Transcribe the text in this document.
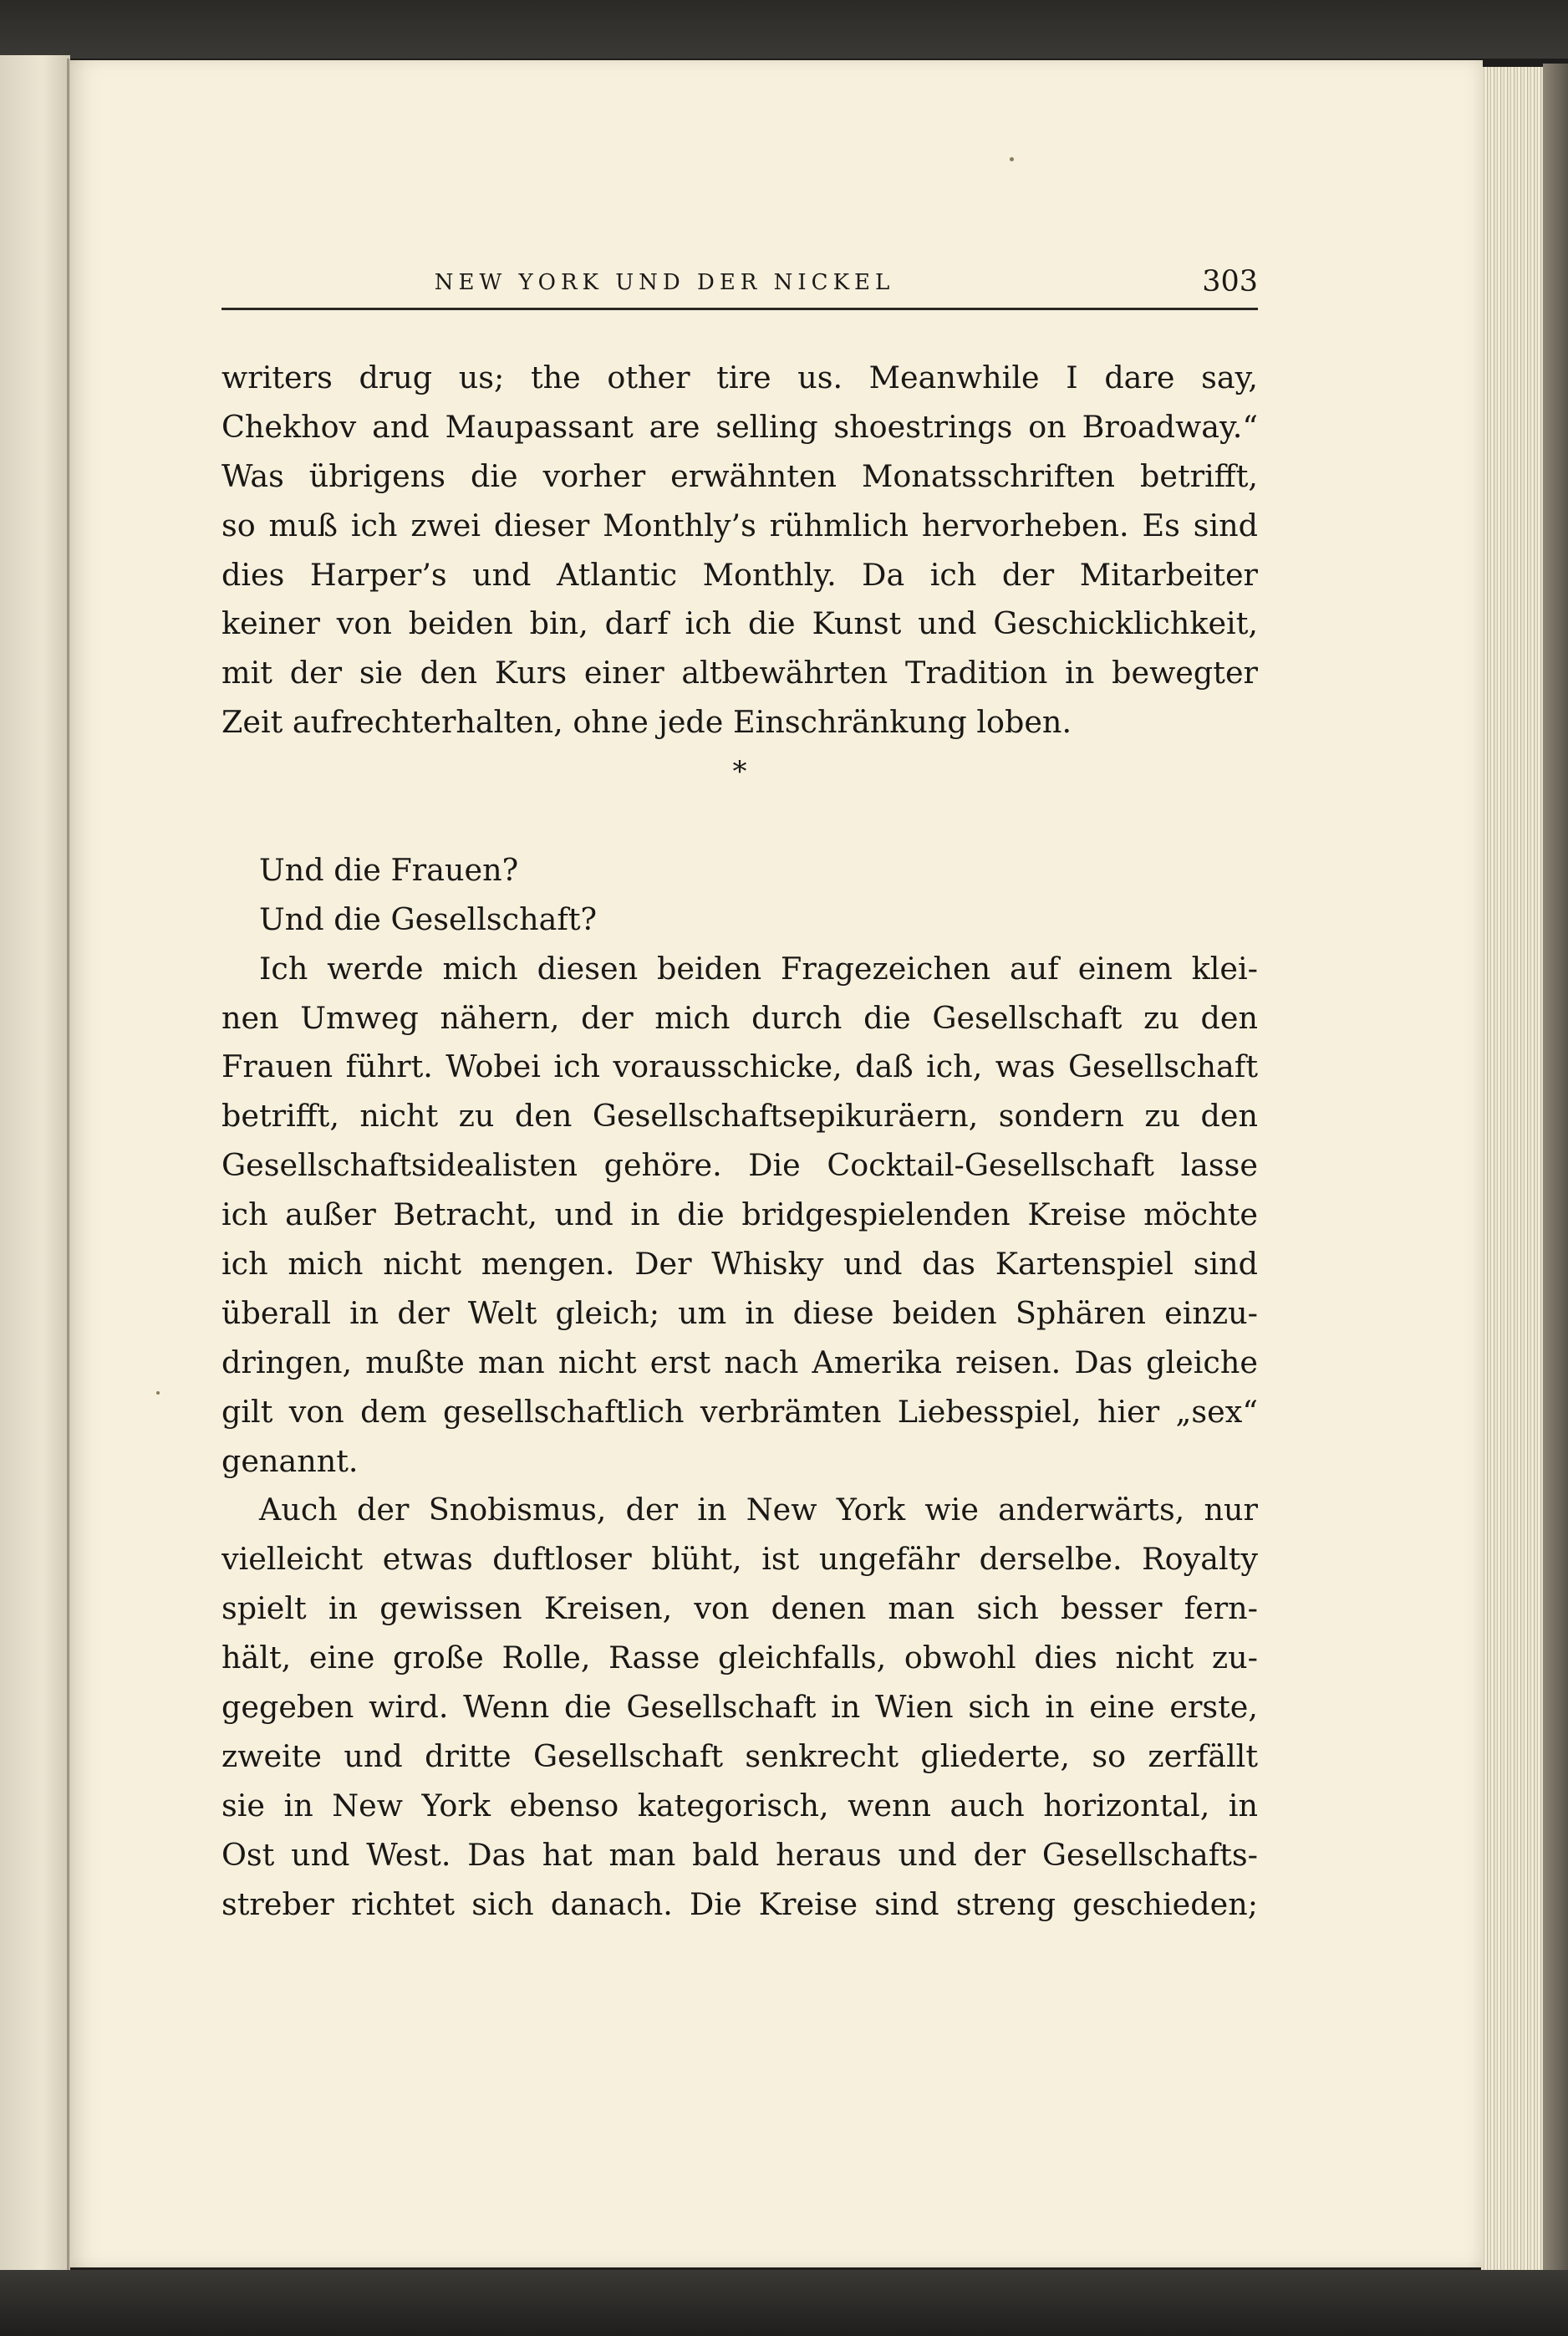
NEW YORK UND DER NICKEL	303
writers drug us; the other tire us. Meanwhile I dare say,
Chekhov and Maupassant are selling shoestrings on Broadway.“
Was übrigens die vorher erwähnten Monatsschriften betrifft,
so muß ich zwei dieser Monthly’s rühmlich hervorheben. Es sind
dies Harper’s und Atlantic Monthly. Da ich der Mitarbeiter
keiner von beiden bin, darf ich die Kunst und Geschicklichkeit,
mit der sie den Kurs einer altbewährten Tradition in bewegter
Zeit aufrechterhalten, ohne jede Einschränkung loben.
*
Und die Frauen?
Und die Gesellschaft?
Ich werde mich diesen beiden Fragezeichen auf einem klei-
nen Umweg nähern, der mich durch die Gesellschaft zu den
Frauen führt. Wobei ich vorausschicke, daß ich, was Gesellschaft
betrifft, nicht zu den Gesellschaftsepikuräern, sondern zu den
Gesellschaftsidealisten gehöre. Die Cocktail-Gesellschaft lasse
ich außer Betracht, und in die bridgespielenden Kreise möchte
ich mich nicht mengen. Der Whisky und das Kartenspiel sind
überall in der Welt gleich; um in diese beiden Sphären einzu-
dringen, mußte man nicht erst nach Amerika reisen. Das gleiche
gilt von dem gesellschaftlich verbrämten Liebesspiel, hier „sex“
genannt.
Auch der Snobismus, der in New York wie anderwärts, nur
vielleicht etwas duftloser blüht, ist ungefähr derselbe. Royalty
spielt in gewissen Kreisen, von denen man sich besser fern-
hält, eine große Rolle, Rasse gleichfalls, obwohl dies nicht zu-
gegeben wird. Wenn die Gesellschaft in Wien sich in eine erste,
zweite und dritte Gesellschaft senkrecht gliederte, so zerfällt
sie in New York ebenso kategorisch, wenn auch horizontal, in
Ost und West. Das hat man bald heraus und der Gesellschafts-
streber richtet sich danach. Die Kreise sind streng geschieden;
